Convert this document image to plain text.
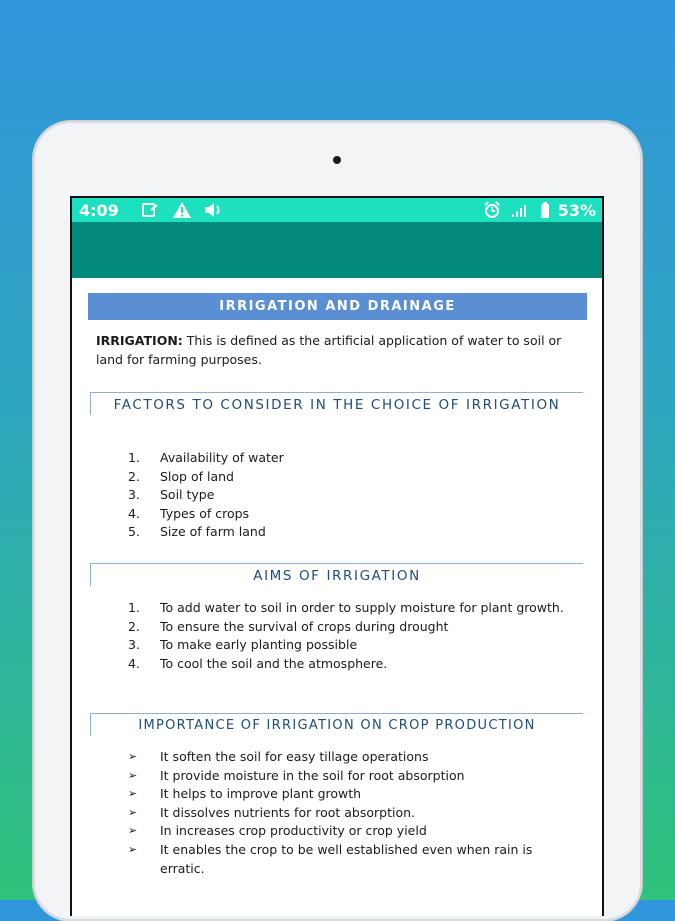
4:09	53%
IRRIGATION AND DRAINAGE
IRRIGATION: This is defined as the artificial application of water to soil or land for farming purposes.
FACTORS TO CONSIDER IN THE CHOICE OF IRRIGATION
1. Availability of water
2. Slop of land
3. Soil type
4. Types of crops
5. Size of farm land
AIMS OF IRRIGATION
1. To add water to soil in order to supply moisture for plant growth.
2. To ensure the survival of crops during drought
3. To make early planting possible
4. To cool the soil and the atmosphere.
IMPORTANCE OF IRRIGATION ON CROP PRODUCTION
➢ It soften the soil for easy tillage operations
➢ It provide moisture in the soil for root absorption
➢ It helps to improve plant growth
➢ It dissolves nutrients for root absorption.
➢ In increases crop productivity or crop yield
➢ It enables the crop to be well established even when rain is erratic.
